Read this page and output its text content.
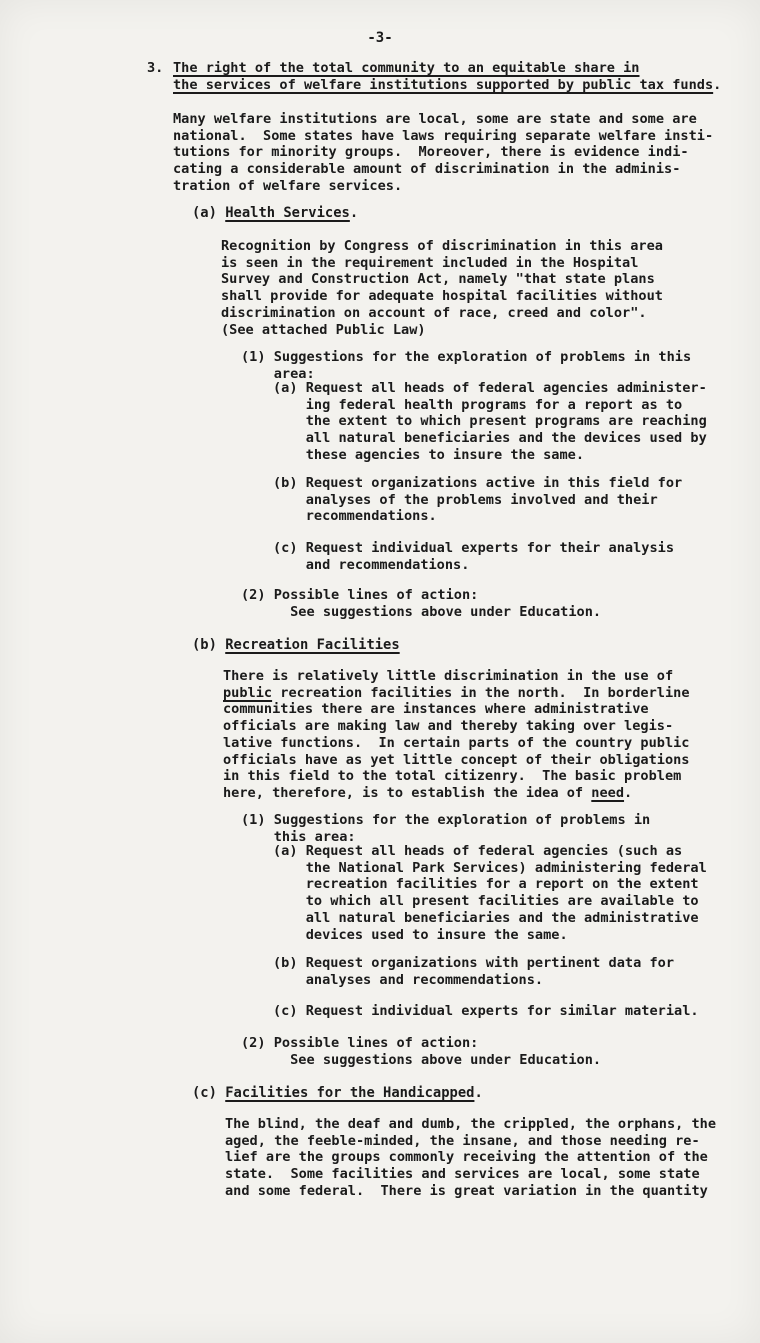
-3-
3. The right of the total community to an equitable share in
the services of welfare institutions supported by public tax funds.
Many welfare institutions are local, some are state and some are
national.  Some states have laws requiring separate welfare insti-
tutions for minority groups.  Moreover, there is evidence indi-
cating a considerable amount of discrimination in the adminis-
tration of welfare services.
(a) Health Services.
Recognition by Congress of discrimination in this area
is seen in the requirement included in the Hospital
Survey and Construction Act, namely "that state plans
shall provide for adequate hospital facilities without
discrimination on account of race, creed and color".
(See attached Public Law)
(1) Suggestions for the exploration of problems in this
area:
(a) Request all heads of federal agencies administer-
ing federal health programs for a report as to
the extent to which present programs are reaching
all natural beneficiaries and the devices used by
these agencies to insure the same.
(b) Request organizations active in this field for
analyses of the problems involved and their
recommendations.
(c) Request individual experts for their analysis
and recommendations.
(2) Possible lines of action:
See suggestions above under Education.
(b) Recreation Facilities
There is relatively little discrimination in the use of
public recreation facilities in the north.  In borderline
communities there are instances where administrative
officials are making law and thereby taking over legis-
lative functions.  In certain parts of the country public
officials have as yet little concept of their obligations
in this field to the total citizenry.  The basic problem
here, therefore, is to establish the idea of need.
(1) Suggestions for the exploration of problems in
this area:
(a) Request all heads of federal agencies (such as
the National Park Services) administering federal
recreation facilities for a report on the extent
to which all present facilities are available to
all natural beneficiaries and the administrative
devices used to insure the same.
(b) Request organizations with pertinent data for
analyses and recommendations.
(c) Request individual experts for similar material.
(2) Possible lines of action:
See suggestions above under Education.
(c) Facilities for the Handicapped.
The blind, the deaf and dumb, the crippled, the orphans, the
aged, the feeble-minded, the insane, and those needing re-
lief are the groups commonly receiving the attention of the
state.  Some facilities and services are local, some state
and some federal.  There is great variation in the quantity
